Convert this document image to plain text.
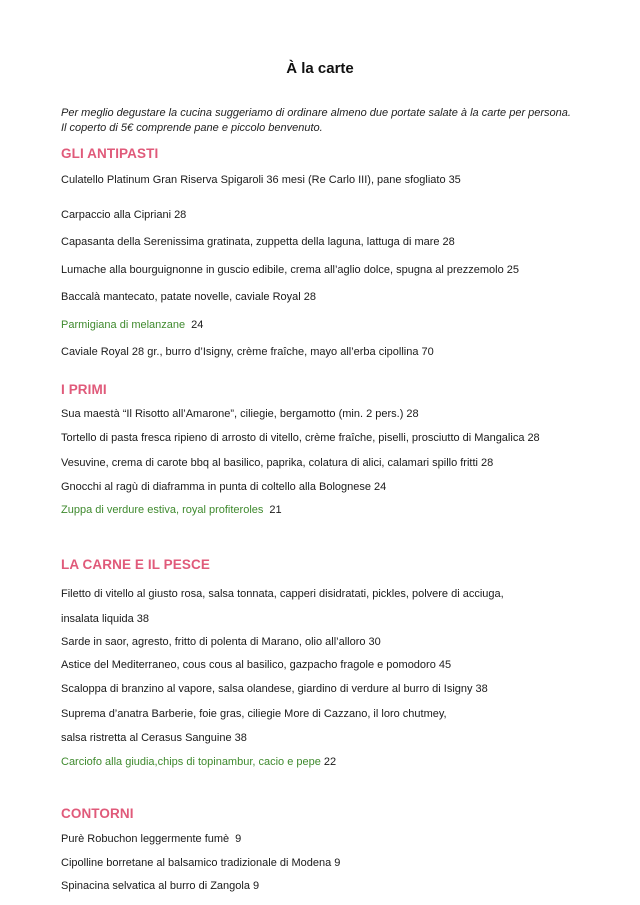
À la carte
Per meglio degustare la cucina suggeriamo di ordinare almeno due portate salate à la carte per persona.
Il coperto di 5€ comprende pane e piccolo benvenuto.
GLI ANTIPASTI
Culatello Platinum Gran Riserva Spigaroli 36 mesi (Re Carlo III), pane sfogliato 35
Carpaccio alla Cipriani 28
Capasanta della Serenissima gratinata, zuppetta della laguna, lattuga di mare 28
Lumache alla bourguignonne in guscio edibile, crema all’aglio dolce, spugna al prezzemolo 25
Baccalà mantecato, patate novelle, caviale Royal 28
Parmigiana di melanzane 24
Caviale Royal 28 gr., burro d’Isigny, crème fraîche, mayo all’erba cipollina 70
I PRIMI
Sua maestà “Il Risotto all’Amarone”, ciliegie, bergamotto (min. 2 pers.) 28
Tortello di pasta fresca ripieno di arrosto di vitello, crème fraîche, piselli, prosciutto di Mangalica 28
Vesuvine, crema di carote bbq al basilico, paprika, colatura di alici, calamari spillo fritti 28
Gnocchi al ragù di diaframma in punta di coltello alla Bolognese 24
Zuppa di verdure estiva, royal profiteroles 21
LA CARNE E IL PESCE
Filetto di vitello al giusto rosa, salsa tonnata, capperi disidratati, pickles, polvere di acciuga,
insalata liquida 38
Sarde in saor, agresto, fritto di polenta di Marano, olio all’alloro 30
Astice del Mediterraneo, cous cous al basilico, gazpacho fragole e pomodoro 45
Scaloppa di branzino al vapore, salsa olandese, giardino di verdure al burro di Isigny 38
Suprema d’anatra Barberie, foie gras, ciliegie More di Cazzano, il loro chutmey,
salsa ristretta al Cerasus Sanguine 38
Carciofo alla giudia,chips di topinambur, cacio e pepe 22
CONTORNI
Purè Robuchon leggermente fumè 9
Cipolline borretane al balsamico tradizionale di Modena 9
Spinacina selvatica al burro di Zangola 9
